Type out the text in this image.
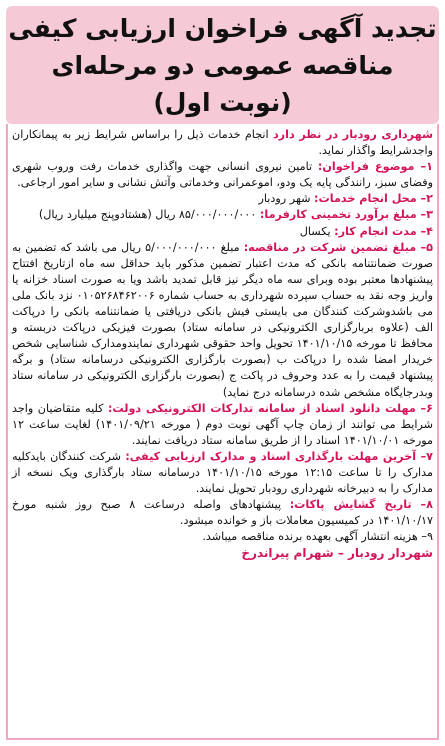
تجدید آگهی فراخوان ارزیابی کیفی
مناقصه عمومی دو مرحله‌ای
(نوبت اول)

شهرداری رودبار در نظر دارد انجام خدمات ذیل را براساس شرایط زیر به پیمانکاران واجدشرایط واگذار نماید.

۱– موضوع فراخوان: تامین نیروی انسانی جهت واگذاری خدمات رفت وروب شهری وفضای سبز، رانندگی پایه یک ودو، اموعمرانی وخدماتی وآتش نشانی و سایر امور ارجاعی.

۲– محل انجام خدمات: شهر رودبار

۳– مبلغ برآورد تخمینی کارفرما: ۸۵/۰۰۰/۰۰۰/۰۰۰ ریال (هشتادوپنج میلیارد ریال)

۴– مدت انجام کار: یکسال

۵– مبلغ تضمین شرکت در مناقصه: مبلغ ۵/۰۰۰/۰۰۰/۰۰۰ ریال می باشد که تضمین به صورت ضمانتنامه بانکی که مدت اعتبار تضمین مذکور باید حداقل سه ماه ازتاریخ افتتاح پیشنهادها معتبر بوده وبرای سه ماه دیگر نیز قابل تمدید باشد ویا به صورت اسناد خزانه یا واریز وجه نقد به حساب سپرده شهرداری به حساب شماره ۰۱۰۵۲۶۸۴۶۲۰۰۶ نزد بانک ملی می باشدوشرکت کنندگان می بایستی فیش بانکی دریافتی یا ضمانتنامه بانکی را درپاکت الف (علاوه بربارگزاری الکترونیکی در سامانه ستاد) بصورت فیزیکی درپاکت دربسته و محافظ تا مورخه ۱۴۰۱/۱۰/۱۵ تحویل واحد حقوقی شهرداری نمایندومدارک شناسایی شخص خریدار امضا شده را درپاکت ب (بصورت بارگزاری الکترونیکی درسامانه ستاد) و برگه پیشنهاد قیمت را به عدد وحروف در پاکت ج (بصورت بارگزاری الکترونیکی در سامانه ستاد وبدرجایگاه مشخص شده درسامانه درج نماید)

۶– مهلت دانلود اسناد از سامانه تدارکات الکترونیکی دولت: کلیه متقاضیان واجد شرایط می توانند از زمان چاپ آگهی نوبت دوم ( مورخه ۱۴۰۱/۰۹/۲۱) لغایت ساعت ۱۲ مورخه ۱۴۰۱/۱۰/۰۱ اسناد را از طریق سامانه ستاد دریافت نمایند.

۷– آخرین مهلت بارگذاری اسناد و مدارک ارزیابی کیفی: شرکت کنندگان بایدکلیه مدارک را تا ساعت ۱۲:۱۵ مورخه ۱۴۰۱/۱۰/۱۵ درسامانه ستاد بارگذاری ویک نسخه از مدارک را به دبیرخانه شهرداری رودبار تحویل نمایند.

۸– تاریخ گشایش پاکات: پیشنهادهای واصله درساعت ۸ صبح روز شنبه مورخ ۱۴۰۱/۱۰/۱۷ در کمیسیون معاملات باز و خوانده میشود.

۹– هزینه انتشار آگهی بعهده برنده مناقصه میباشد.

شهردار رودبار – شهرام پیراندرخ
